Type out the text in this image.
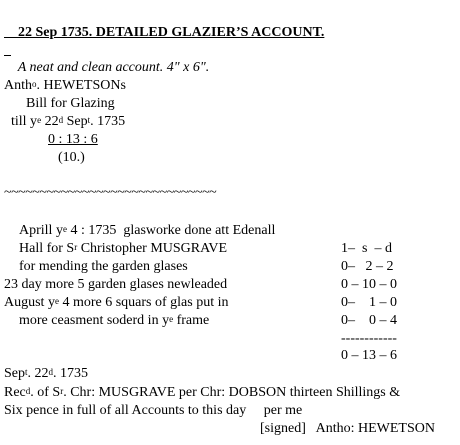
22 Sep 1735. DETAILED GLAZIER’S ACCOUNT.

A neat and clean account. 4" x 6".

Anth$^o$. HEWETSONs
Bill for Glazing
till $y^e$ 22$^d$ Sep$^t$. 1735
0 : 13 : 6
(10.)
~~~~~~~~~~~~~~~~~~~~~~~~~~~~~~
Aprill $y^e$ 4 : 1735  glasworke done att Edenall
Hall for $S^r$ Christopher MUSGRAVE	1–  s  – d
for mending the garden glases	0–   2 – 2
23 day more 5 garden glases newleaded	0 – 10 – 0
August $y^e$ 4 more 6 squars of glas put in	0–    1 – 0
more ceasment soderd in $y^e$ frame	0–    0 – 4
------------
0 – 13 – 6
Sep$^t$. 22$^d$. 1735
Rec$^d$. of $S^r$. Chr: MUSGRAVE per Chr: DOBSON thirteen Shillings &
Six pence in full of all Accounts to this day     per me
[signed]   Antho: HEWETSON
